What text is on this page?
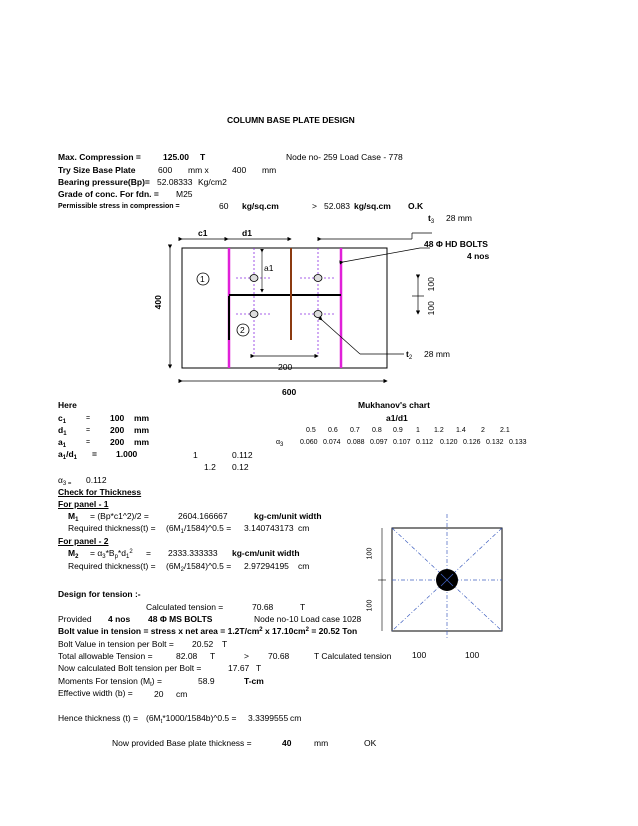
COLUMN BASE PLATE DESIGN
Max. Compression =	125.00 T	Node no- 259 Load Case - 778
Try Size Base Plate	600 mm x	400 mm
Bearing pressure(Bp)= 52.08333 Kg/cm2
Grade of conc. For fdn. = M25
Permissible stress in compression =	60 kg/sq.cm	> 52.083 kg/sq.cm O.K
$t_3$ 28 mm
c1	d1
48 Φ HD BOLTS
4 nos
a1
1
2
400
100
100
$t_2$ 28 mm
200
600
Here	Mukhanov's chart
$c_1$	= 100 mm	a1/d1
$d_1$	= 200 mm	0.5 0.6 0.7 0.8 0.9 1 1.2 1.4 2 2.1
$a_1$	= 200 mm	$\alpha_3$ 0.060 0.074 0.088 0.097 0.107 0.112 0.120 0.126 0.132 0.133
$a_1/d_1 = 1.000$	1	0.112
1.2 0.12
$\alpha_{3 =}$ 0.112
Check for Thickness
For panel - 1
$M_1$ = (Bp*c1^2)/2 =	2604.166667	kg-cm/unit width
Required thickness(t) = $(6M_1/1584)\^{}0.5 = 3.140743173$ cm
For panel - 2
$M_2 = \alpha_3*B_p*d_1^2 = 2333.333333$ kg-cm/unit width
Required thickness(t) = $(6M_2/1584)\^{}0.5 = 2.97294195$ cm
100
100
100	100
Design for tension :-
Calculated tension =	70.68	T
Provided 4 nos 48 Φ MS BOLTS	Node no-10 Load case 1028
Bolt value in tension = stress x net area = $1.2T/cm^2$ x $17.10cm^2 = 20.52$ Ton
Bolt Value in tension per Bolt = 20.52 T
Total allowable Tension =	82.08 T	> 70.68	T Calculated tension
Now calculated Bolt tension per Bolt =	17.67 T
Moments For tension $(M_t)$ =	58.9	T-cm
Effective width (b) =	20 cm
Hence thickness $(t) = (6M_t*1000/1584b)\^{}0.5 = 3.3399555$ cm
Now provided Base plate thickness =	40	mm	OK
